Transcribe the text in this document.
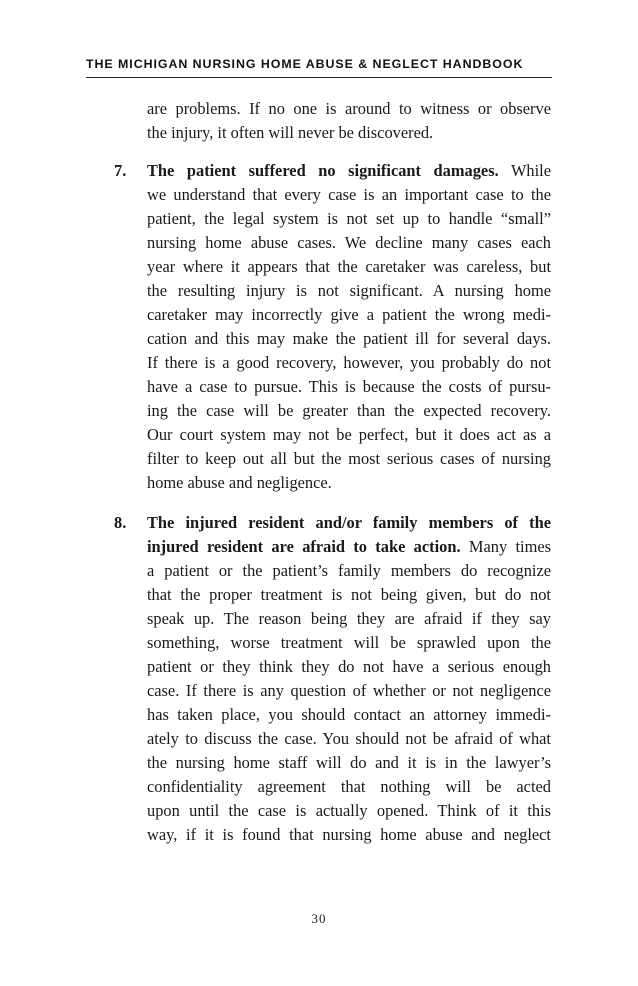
THE MICHIGAN NURSING HOME ABUSE & NEGLECT HANDBOOK
are problems. If no one is around to witness or observe
the injury, it often will never be discovered.
7. The patient suffered no significant damages. While
we understand that every case is an important case to the
patient, the legal system is not set up to handle “small”
nursing home abuse cases. We decline many cases each
year where it appears that the caretaker was careless, but
the resulting injury is not significant. A nursing home
caretaker may incorrectly give a patient the wrong medi-
cation and this may make the patient ill for several days.
If there is a good recovery, however, you probably do not
have a case to pursue. This is because the costs of pursu-
ing the case will be greater than the expected recovery.
Our court system may not be perfect, but it does act as a
filter to keep out all but the most serious cases of nursing
home abuse and negligence.
8. The injured resident and/or family members of the
injured resident are afraid to take action. Many times
a patient or the patient’s family members do recognize
that the proper treatment is not being given, but do not
speak up. The reason being they are afraid if they say
something, worse treatment will be sprawled upon the
patient or they think they do not have a serious enough
case. If there is any question of whether or not negligence
has taken place, you should contact an attorney immedi-
ately to discuss the case. You should not be afraid of what
the nursing home staff will do and it is in the lawyer’s
confidentiality agreement that nothing will be acted
upon until the case is actually opened. Think of it this
way, if it is found that nursing home abuse and neglect
30
